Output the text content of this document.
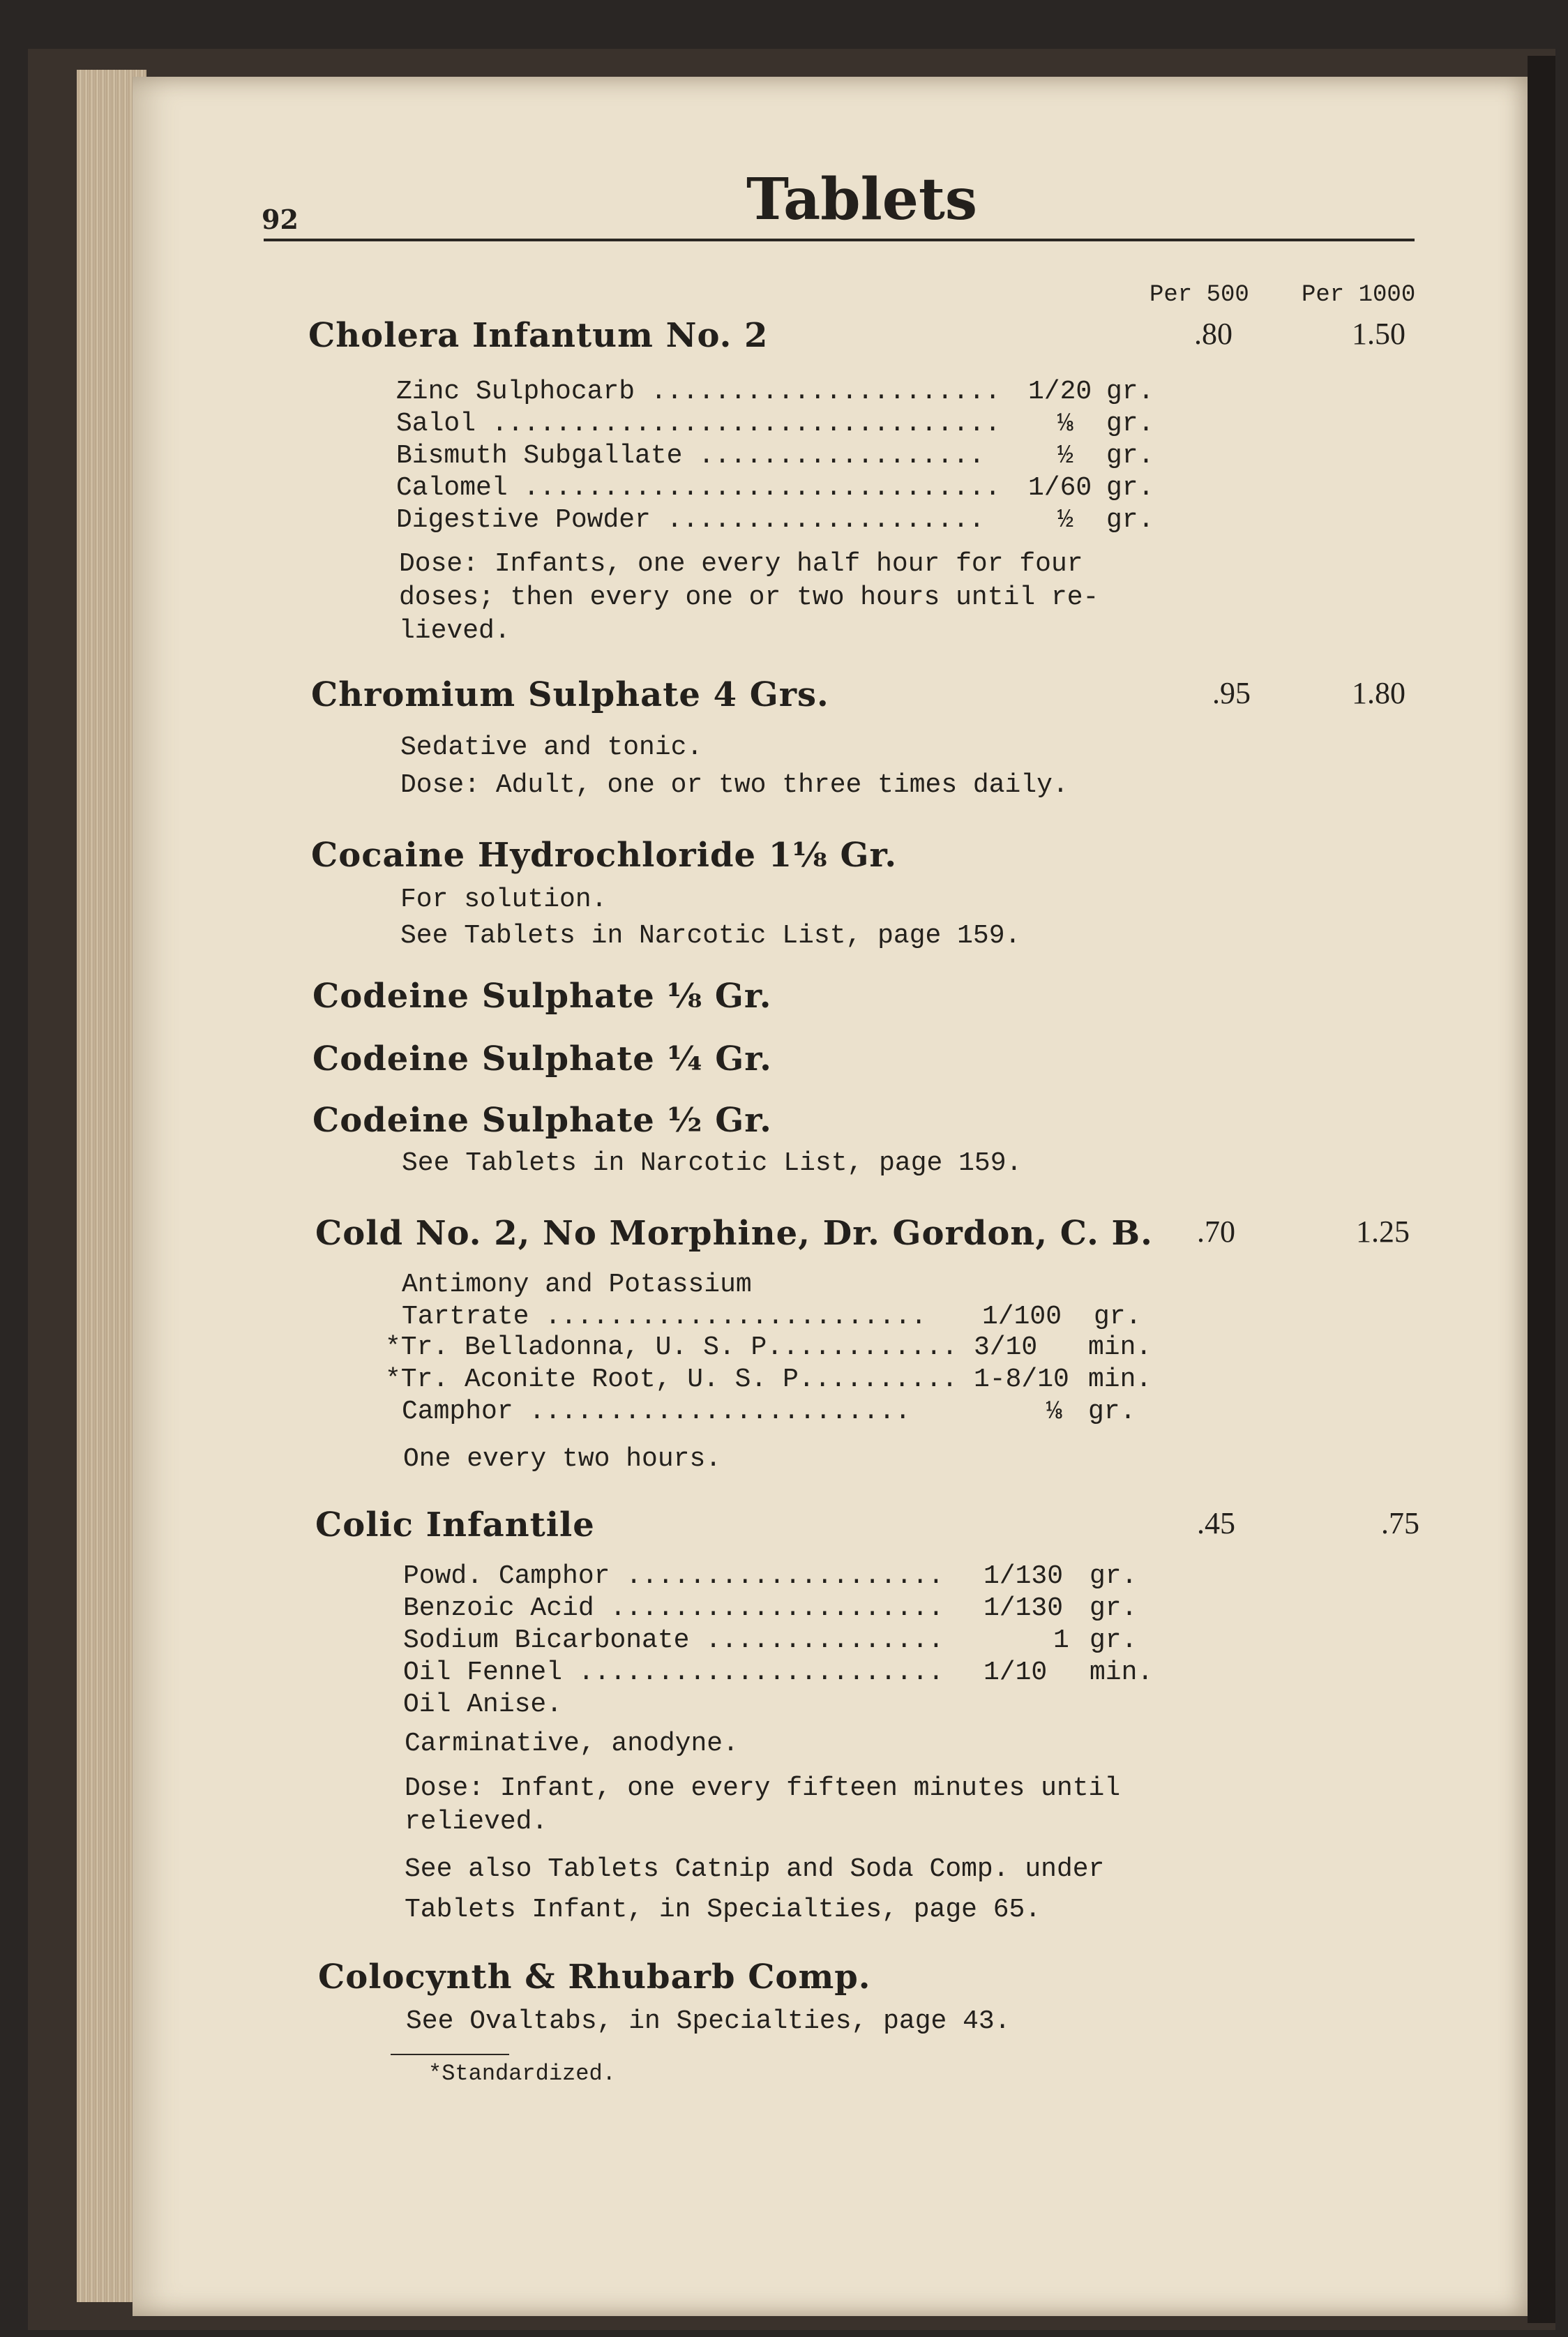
92	Tablets
Per 500 Per 1000
Cholera Infantum No. 2	.80	1.50
Zinc Sulphocarb ...................... 1/20 gr.
Salol ................................ ⅛ gr.
Bismuth Subgallate ..................	½ gr.
Calomel .............................. 1/60 gr.
Digestive Powder ....................	½ gr.
Dose: Infants, one every half hour for four
doses; then every one or two hours until re-
lieved.
Chromium Sulphate 4 Grs.	.95	1.80
Sedative and tonic.
Dose: Adult, one or two three times daily.
Cocaine Hydrochloride 1⅛ Gr.
For solution.
See Tablets in Narcotic List, page 159.
Codeine Sulphate ⅛ Gr.
Codeine Sulphate ¼ Gr.
Codeine Sulphate ½ Gr.
See Tablets in Narcotic List, page 159.
Cold No. 2, No Morphine, Dr. Gordon, C. B. .70	1.25
Antimony and Potassium
Tartrate ........................ 1/100 gr.
*Tr. Belladonna, U. S. P............ 3/10 min.
*Tr. Aconite Root, U. S. P.......... 1-8/10 min.
Camphor ........................	⅛ gr.
One every two hours.
Colic Infantile	.45	.75
Powd. Camphor .................... 1/130 gr.
Benzoic Acid ..................... 1/130 gr.
Sodium Bicarbonate ...............	1 gr.
Oil Fennel ....................... 1/10 min.
Oil Anise.
Carminative, anodyne.
Dose: Infant, one every fifteen minutes until
relieved.
See also Tablets Catnip and Soda Comp. under
Tablets Infant, in Specialties, page 65.
Colocynth & Rhubarb Comp.
See Ovaltabs, in Specialties, page 43.
*Standardized.
